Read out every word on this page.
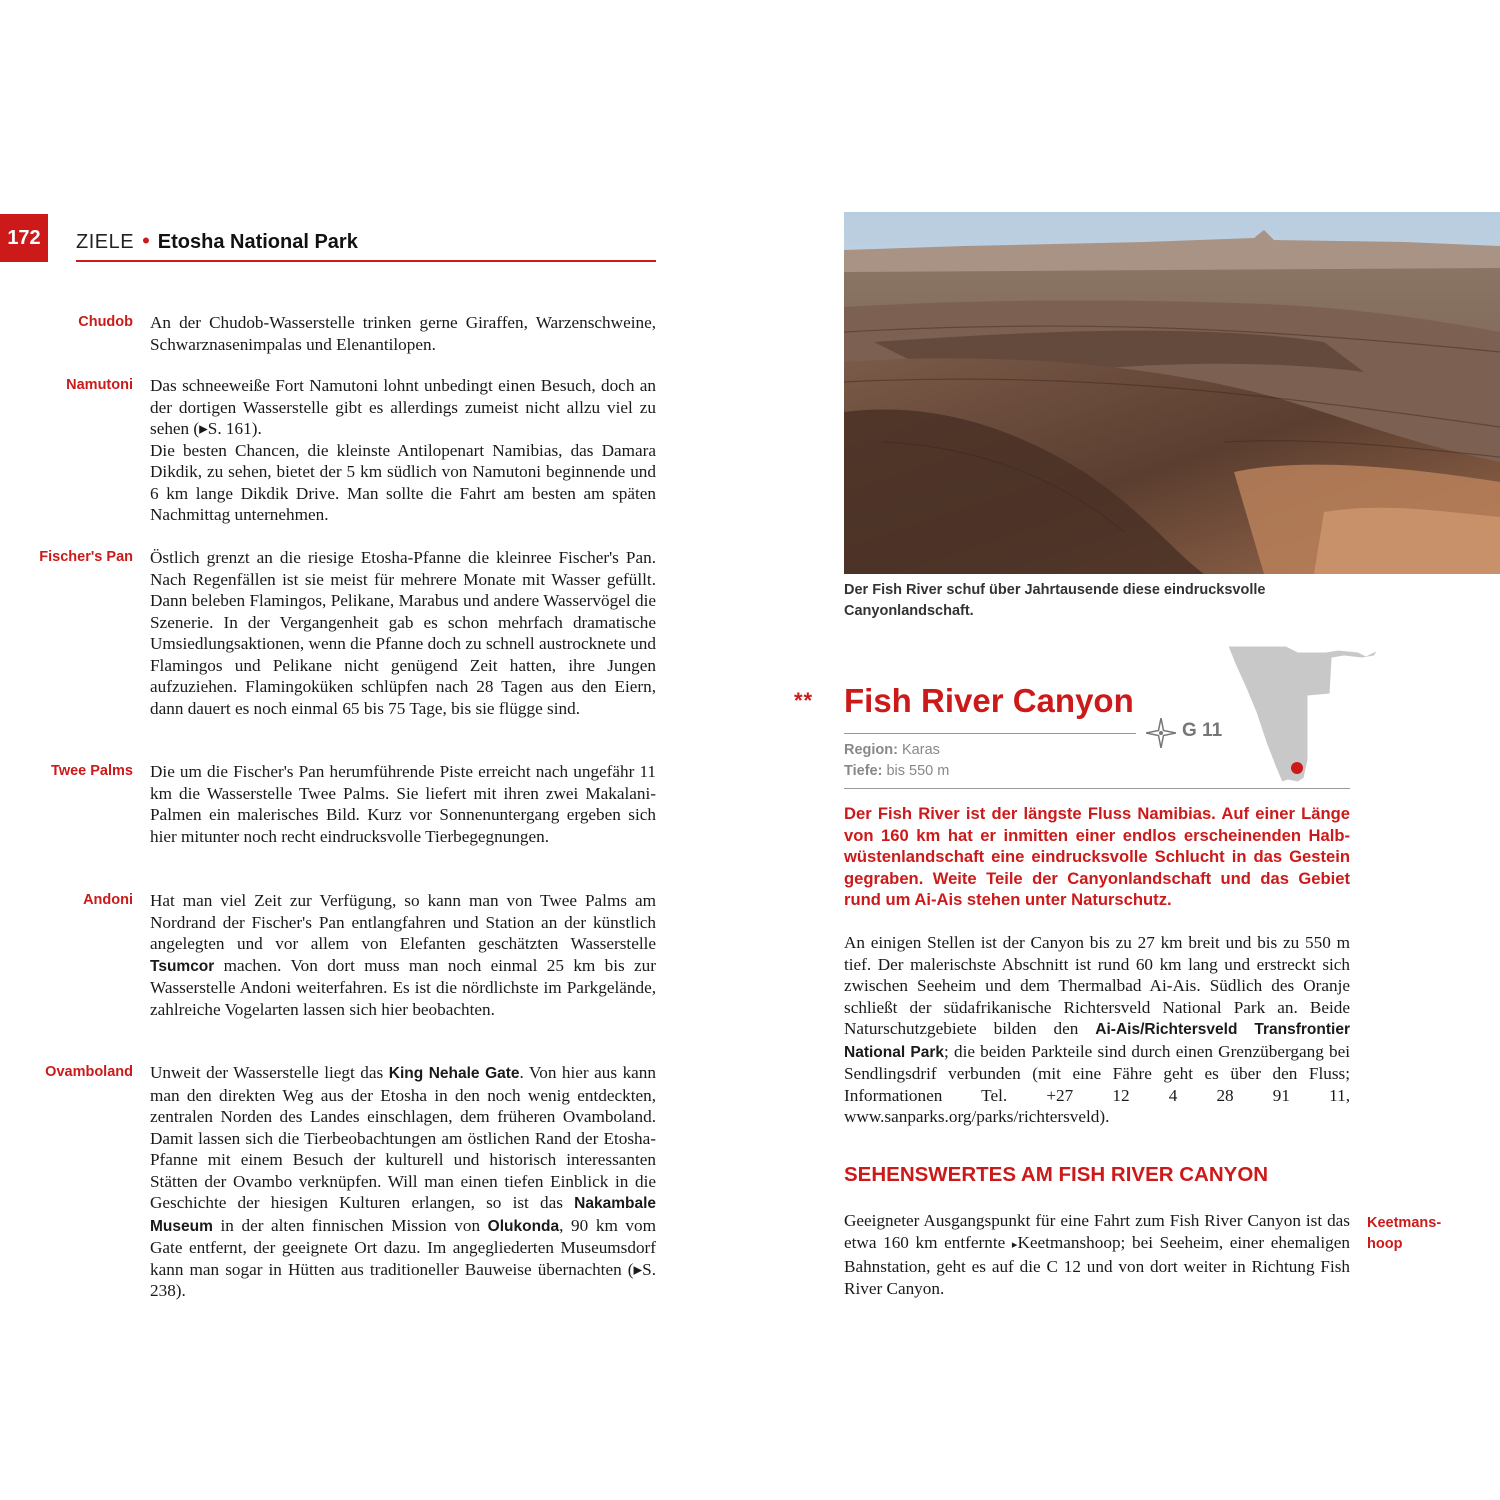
172	ZIELE • Etosha National Park
Chudob An der Chudob-Wasserstelle trinken gerne Giraffen, Warzenschweine, Schwarznasenimpalas und Elenantilopen.

Namutoni Das schneeweiße Fort Namutoni lohnt unbedingt einen Besuch, doch an der dortigen Wasserstelle gibt es allerdings zumeist nicht allzu viel zu sehen (▸S. 161).

Die besten Chancen, die kleinste Antilopenart Namibias, das Damara Dikdik, zu sehen, bietet der 5 km südlich von Namutoni beginnende und 6 km lange Dikdik Drive. Man sollte die Fahrt am besten am späten Nachmittag unternehmen.

Fischer's Pan Östlich grenzt an die riesige Etosha-Pfanne die kleinree Fischer's Pan. Nach Regenfällen ist sie meist für mehrere Monate mit Wasser gefüllt. Dann beleben Flamingos, Pelikane, Marabus und andere Wasservögel die Szenerie. In der Vergangenheit gab es schon mehrfach dramatische Umsiedlungsaktionen, wenn die Pfanne doch zu schnell austrocknete und Flamingos und Pelikane nicht genügend Zeit hatten, ihre Jungen aufzuziehen. Flamingoküken schlüpfen nach 28 Tagen aus den Eiern, dann dauert es noch einmal 65 bis 75 Tage, bis sie flügge sind.

Twee Palms Die um die Fischer's Pan herumführende Piste erreicht nach ungefähr 11 km die Wasserstelle Twee Palms. Sie liefert mit ihren zwei Makalani-Palmen ein malerisches Bild. Kurz vor Sonnenuntergang ergeben sich hier mitunter noch recht eindrucksvolle Tierbegegnungen.

Andoni Hat man viel Zeit zur Verfügung, so kann man von Twee Palms am Nordrand der Fischer's Pan entlangfahren und Station an der künstlich angelegten und vor allem von Elefanten geschätzten Wasserstelle Tsumcor machen. Von dort muss man noch einmal 25 km bis zur Wasserstelle Andoni weiterfahren. Es ist die nördlichste im Parkgelände, zahlreiche Vogelarten lassen sich hier beobachten.

Ovamboland Unweit der Wasserstelle liegt das King Nehale Gate. Von hier aus kann man den direkten Weg aus der Etosha in den noch wenig entdeckten, zentralen Norden des Landes einschlagen, dem früheren Ovamboland. Damit lassen sich die Tierbeobachtungen am östlichen Rand der Etosha-Pfanne mit einem Besuch der kulturell und historisch interessanten Stätten der Ovambo verknüpfen. Will man einen tiefen Einblick in die Geschichte der hiesigen Kulturen erlangen, so ist das Nakambale Museum in der alten finnischen Mission von Olukonda, 90 km vom Gate entfernt, der geeignete Ort dazu. Im angegliederten Museumsdorf kann man sogar in Hütten aus traditioneller Bauweise übernachten (▸S. 238).

Der Fish River schuf über Jahrtausende diese eindrucksvolle Canyonlandschaft.
** Fish River Canyon
G 11
Region: Karas
Tiefe: bis 550 m
Der Fish River ist der längste Fluss Namibias. Auf einer Länge von 160 km hat er inmitten einer endlos erscheinenden Halbwüstenlandschaft eine eindrucksvolle Schlucht in das Gestein gegraben. Weite Teile der Canyonlandschaft und das Gebiet rund um Ai-Ais stehen unter Naturschutz.
An einigen Stellen ist der Canyon bis zu 27 km breit und bis zu 550 m tief. Der malerischste Abschnitt ist rund 60 km lang und erstreckt sich zwischen Seeheim und dem Thermalbad Ai-Ais. Südlich des Oranje schließt der südafrikanische Richtersveld National Park an. Beide Naturschutzgebiete bilden den Ai-Ais/Richtersveld Transfrontier National Park; die beiden Parkteile sind durch einen Grenzübergang bei Sendlingsdrif verbunden (mit eine Fähre geht es über den Fluss; Informationen Tel. +27 12 4 28 91 11, www.sanparks.org/parks/richtersveld).
SEHENSWERTES AM FISH RIVER CANYON
Geeigneter Ausgangspunkt für eine Fahrt zum Fish River Canyon ist das etwa 160 km entfernte ▸Keetmanshoop; bei Seeheim, einer ehemaligen Bahnstation, geht es auf die C 12 und von dort weiter in Richtung Fish River Canyon.
Keetmanshoop
